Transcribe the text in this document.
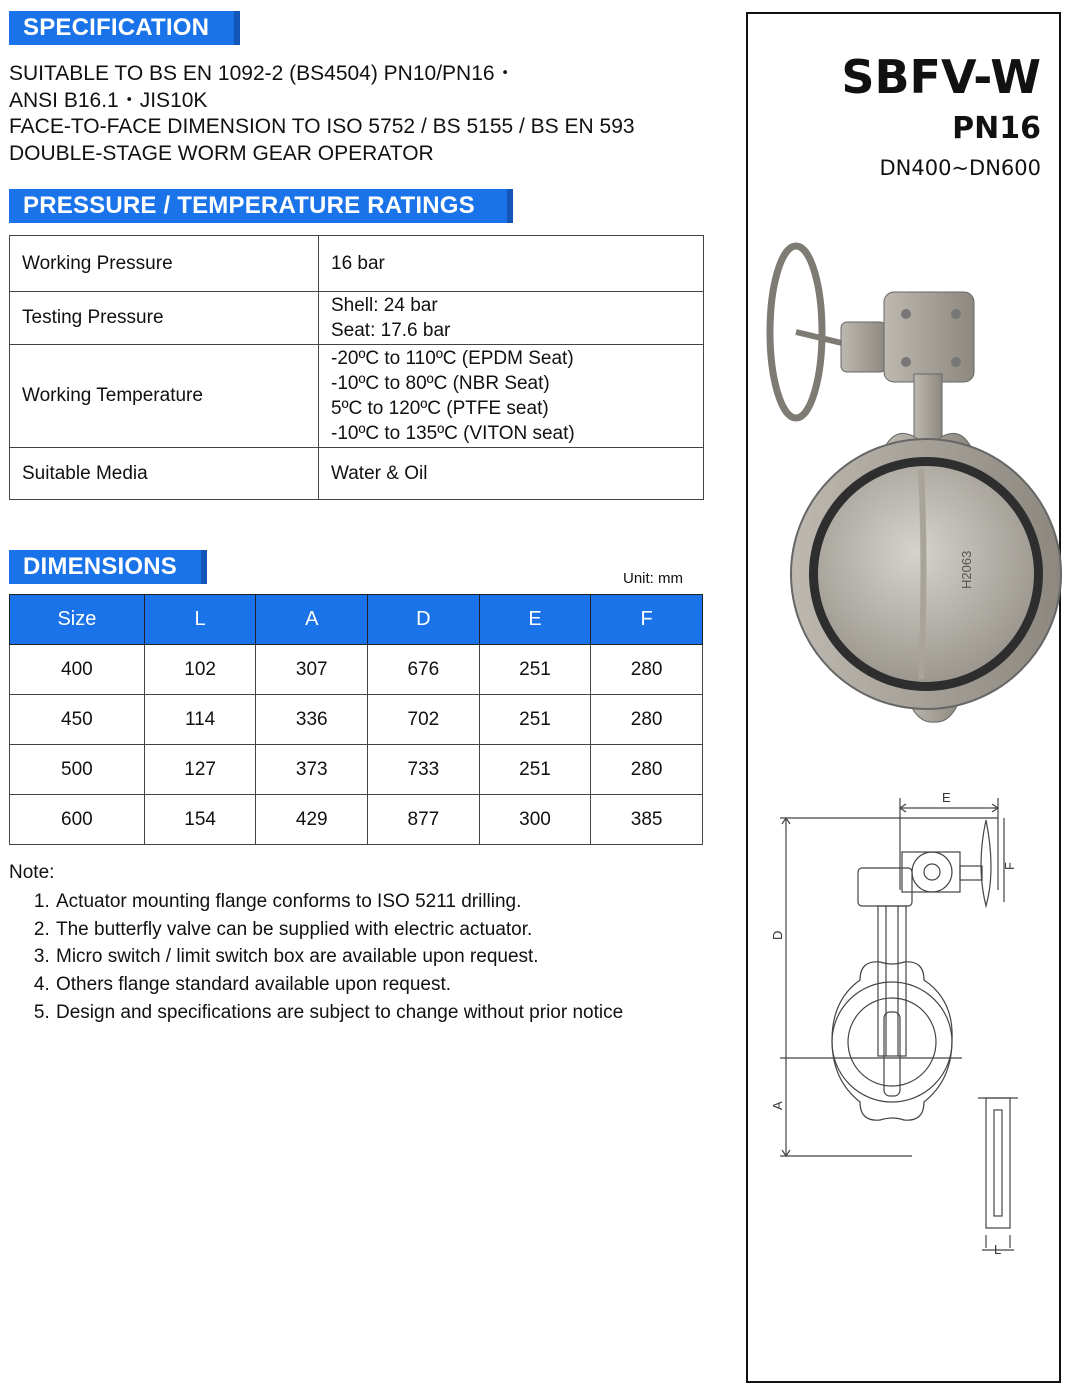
SPECIFICATION
SUITABLE TO BS EN 1092-2 (BS4504) PN10/PN16・
ANSI B16.1・JIS10K
FACE-TO-FACE DIMENSION TO ISO 5752 / BS 5155 / BS EN 593
DOUBLE-STAGE WORM GEAR OPERATOR
PRESSURE / TEMPERATURE RATINGS
Working Pressure	16 bar
Testing Pressure	Shell: 24 bar
Seat: 17.6 bar

Working Temperature	-20ºC to 110ºC (EPDM Seat)
-10ºC to 80ºC (NBR Seat)
5ºC to 120ºC (PTFE seat)
-10ºC to 135ºC (VITON seat)

Suitable Media	Water & Oil
DIMENSIONS	Unit: mm
Size	L	A	D	E	F
400	102	307	676	251	280
450	114	336	702	251	280
500	127	373	733	251	280
600	154	429	877	300	385
Note:
1. Actuator mounting flange conforms to ISO 5211 drilling.
2. The butterfly valve can be supplied with electric actuator.
3. Micro switch / limit switch box are available upon request.
4. Others flange standard available upon request.
5. Design and specifications are subject to change without prior notice
SBFV-W
PN16
DN400~DN600
H2063
E
F
D
A
L
